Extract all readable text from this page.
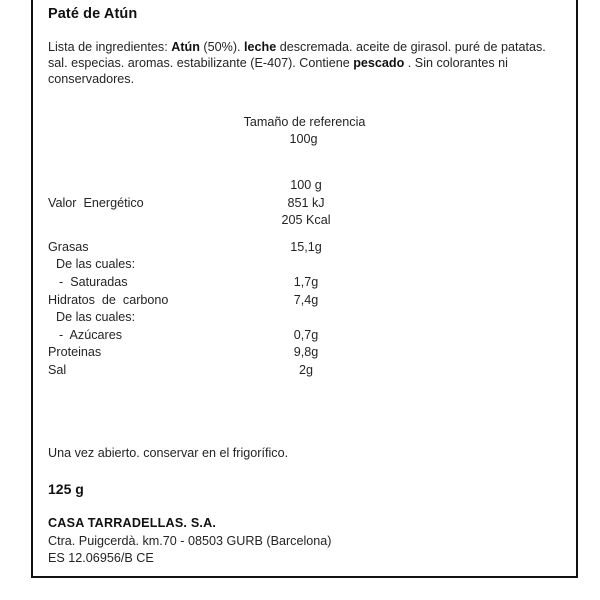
Paté de Atún

Lista de ingredientes: Atún (50%). leche descremada. aceite de girasol. puré de patatas. sal. especias. aromas. estabilizante (E-407). Contiene pescado . Sin colorantes ni conservadores.

Tamaño de referencia
100g
100 g
Valor  Energético	851 kJ
205 Kcal
Grasas	15,1g
De las cuales:
-  Saturadas	1,7g
Hidratos  de  carbono	7,4g
De las cuales:
-  Azúcares	0,7g
Proteinas	9,8g
Sal	2g
Una vez abierto. conservar en el frigorífico.
125 g
CASA TARRADELLAS. S.A.
Ctra. Puigcerdà. km.70 - 08503 GURB (Barcelona)
ES 12.06956/B CE
